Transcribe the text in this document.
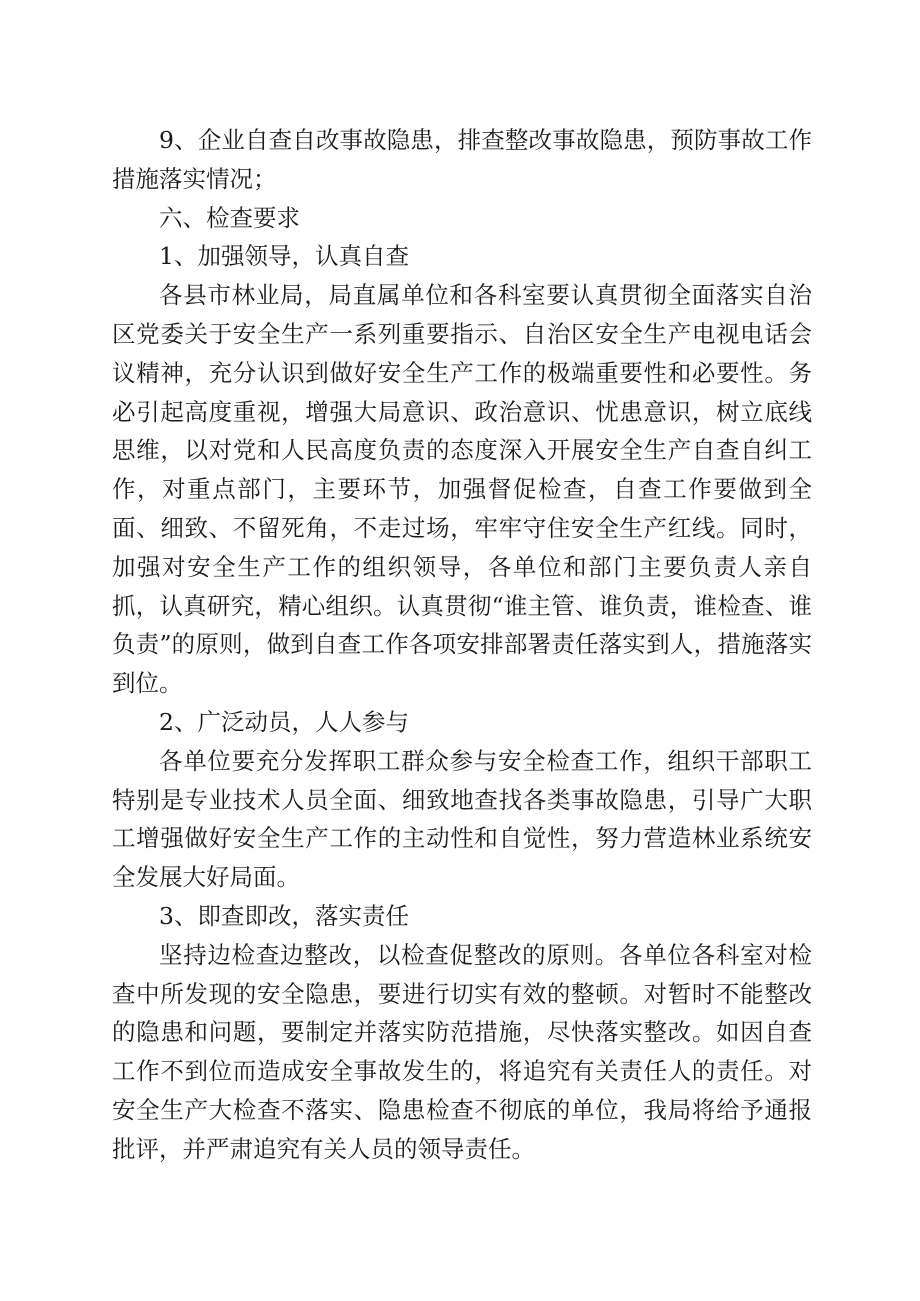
9、企业自查自改事故隐患，排查整改事故隐患，预防事故工作措施落实情况；

六、检查要求

1、加强领导，认真自查

各县市林业局，局直属单位和各科室要认真贯彻全面落实自治区党委关于安全生产一系列重要指示、自治区安全生产电视电话会议精神，充分认识到做好安全生产工作的极端重要性和必要性。务必引起高度重视，增强大局意识、政治意识、忧患意识，树立底线思维，以对党和人民高度负责的态度深入开展安全生产自查自纠工作，对重点部门，主要环节，加强督促检查，自查工作要做到全面、细致、不留死角，不走过场，牢牢守住安全生产红线。同时，加强对安全生产工作的组织领导，各单位和部门主要负责人亲自抓，认真研究，精心组织。认真贯彻“谁主管、谁负责，谁检查、谁负责”的原则，做到自查工作各项安排部署责任落实到人，措施落实到位。

2、广泛动员，人人参与

各单位要充分发挥职工群众参与安全检查工作，组织干部职工特别是专业技术人员全面、细致地查找各类事故隐患，引导广大职工增强做好安全生产工作的主动性和自觉性，努力营造林业系统安全发展大好局面。

3、即查即改，落实责任

坚持边检查边整改，以检查促整改的原则。各单位各科室对检查中所发现的安全隐患，要进行切实有效的整顿。对暂时不能整改的隐患和问题，要制定并落实防范措施，尽快落实整改。如因自查工作不到位而造成安全事故发生的，将追究有关责任人的责任。对安全生产大检查不落实、隐患检查不彻底的单位，我局将给予通报批评，并严肃追究有关人员的领导责任。
